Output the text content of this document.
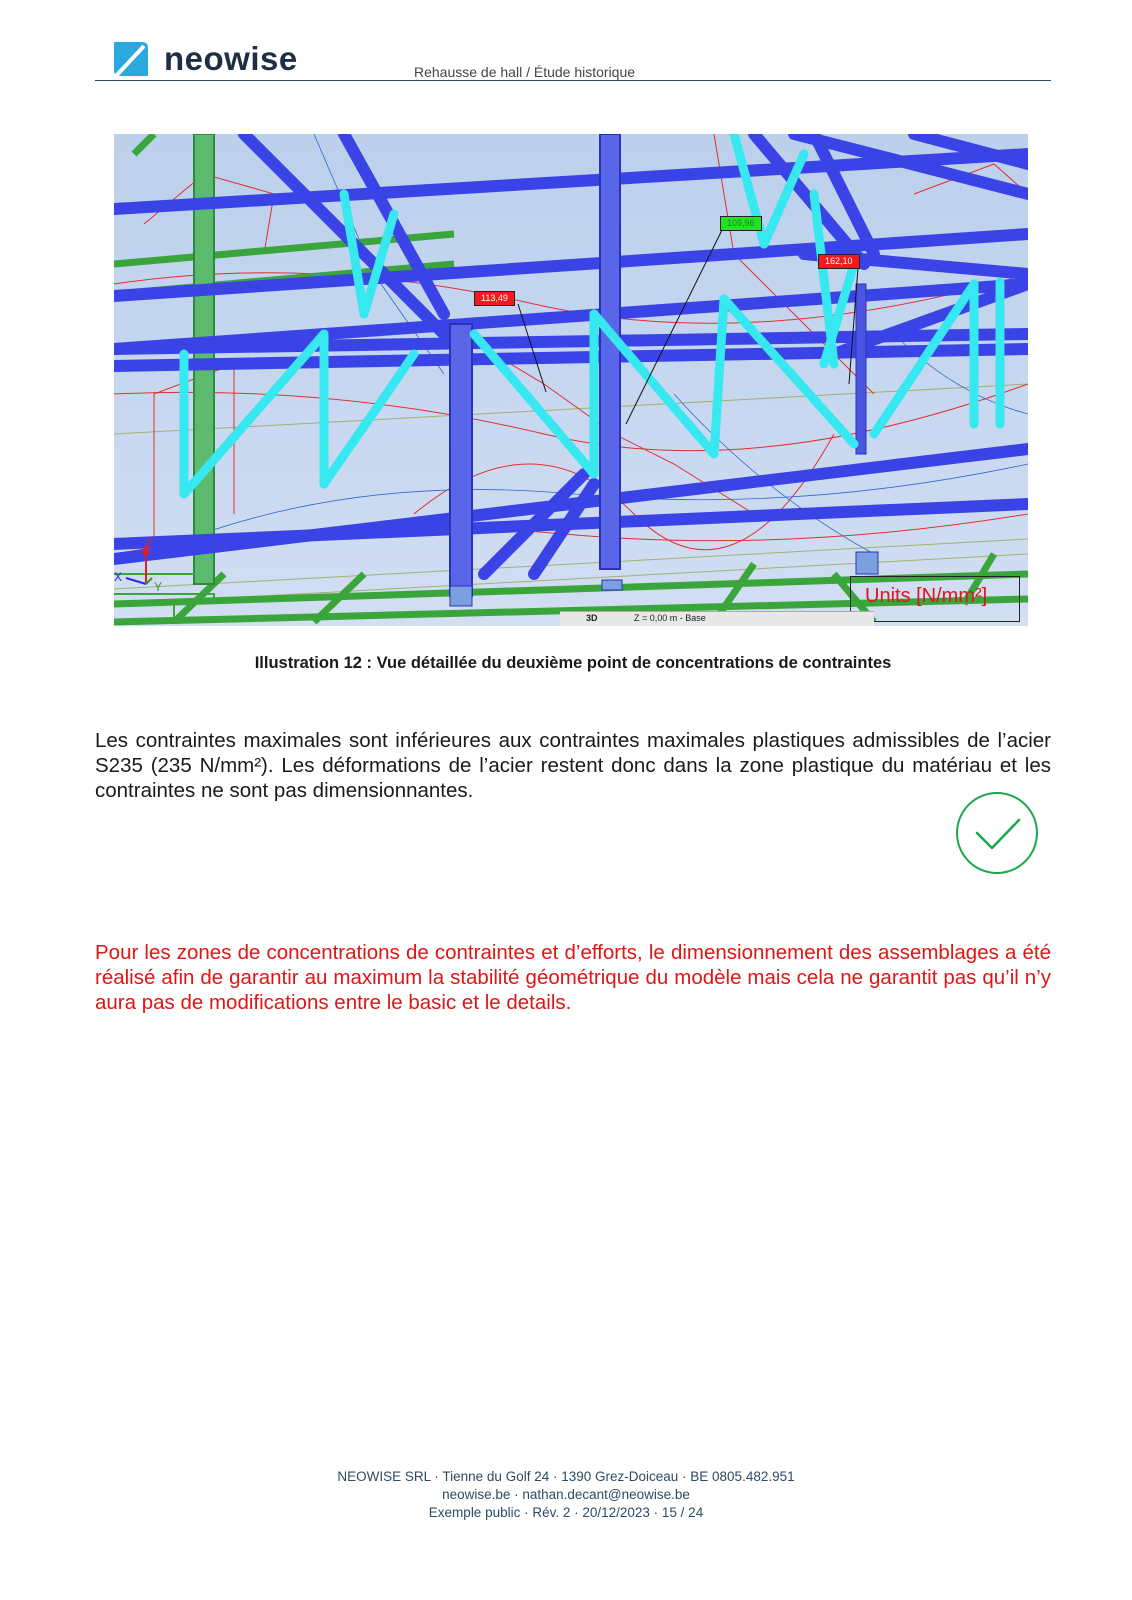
neowise	Rehausse de hall / Étude historique
113,49
109,96
162,10
Z
X
Y	Units [N/mm²]
3D	Z = 0,00 m - Base
Illustration 12 : Vue détaillée du deuxième point de concentrations de contraintes

Les contraintes maximales sont inférieures aux contraintes maximales plastiques admissibles de l’acier S235 (235 N/mm²). Les déformations de l’acier restent donc dans la zone plastique du matériau et les contraintes ne sont pas dimensionnantes.

Pour les zones de concentrations de contraintes et d’efforts, le dimensionnement des assemblages a été réalisé afin de garantir au maximum la stabilité géométrique du modèle mais cela ne garantit pas qu’il n’y aura pas de modifications entre le basic et le details.

NEOWISE SRL · Tienne du Golf 24 · 1390 Grez-Doiceau · BE 0805.482.951
neowise.be · nathan.decant@neowise.be
Exemple public · Rév. 2 · 20/12/2023 · 15 / 24
